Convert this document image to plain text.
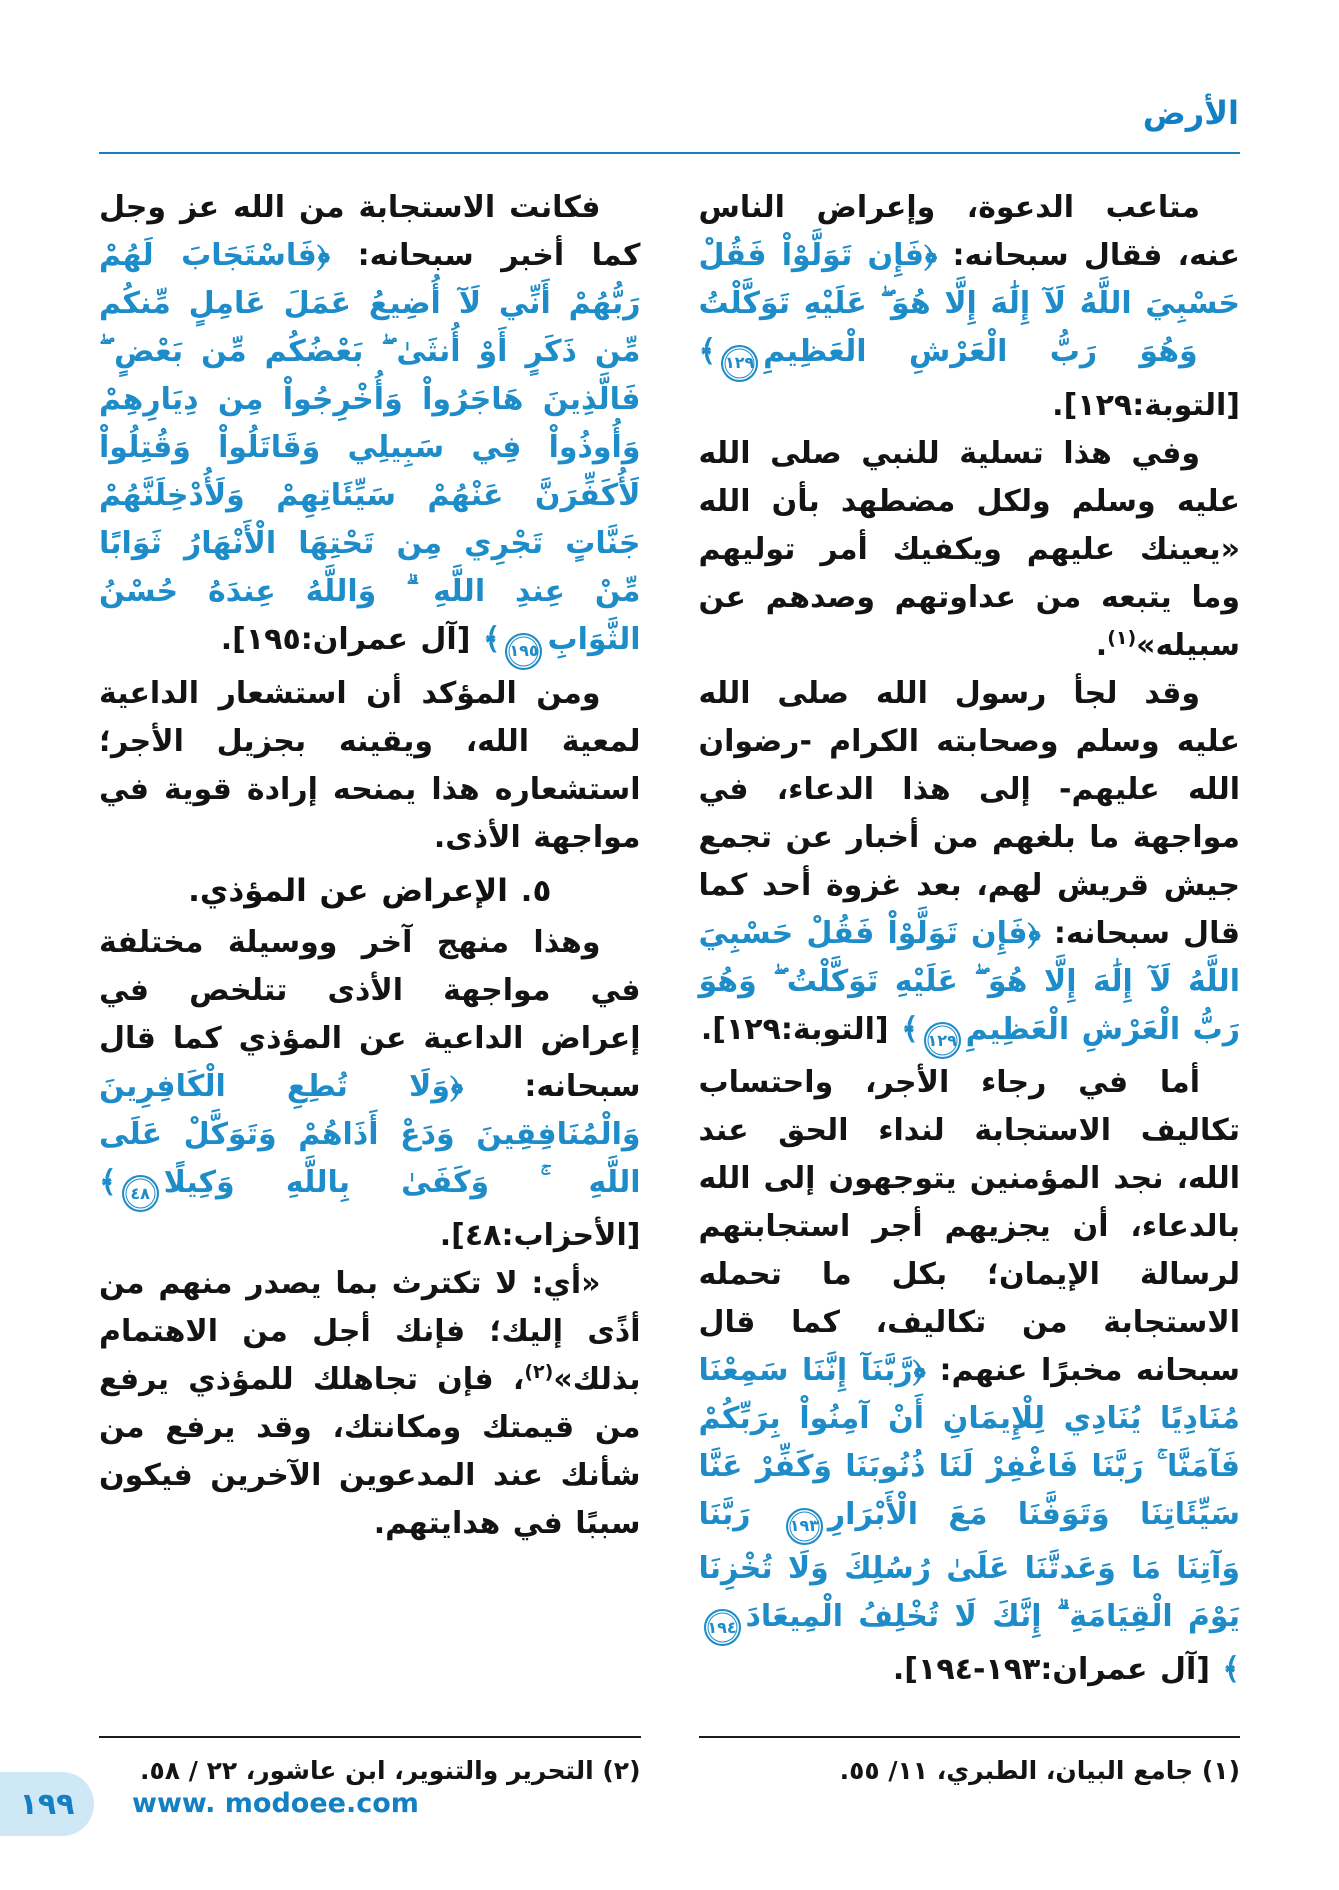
الأرض

متاعب الدعوة، وإعراض الناس عنه، فقال سبحانه: ﴿فَإِن تَوَلَّوْاْ فَقُلْ حَسْبِيَ اللَّهُ لَآ إِلَٰهَ إِلَّا هُوَ ۖ عَلَيْهِ تَوَكَّلْتُ ۖ وَهُوَ رَبُّ الْعَرْشِ الْعَظِيمِ١٢٩﴾ [التوبة:١٢٩].

وفي هذا تسلية للنبي صلى الله عليه وسلم ولكل مضطهد بأن الله «يعينك عليهم ويكفيك أمر توليهم وما يتبعه من عداوتهم وصدهم عن سبيله»$^{(١)}$.

وقد لجأ رسول الله صلى الله عليه وسلم وصحابته الكرام -رضوان الله عليهم- إلى هذا الدعاء، في مواجهة ما بلغهم من أخبار عن تجمع جيش قريش لهم، بعد غزوة أحد كما قال سبحانه: ﴿فَإِن تَوَلَّوْاْ فَقُلْ حَسْبِيَ اللَّهُ لَآ إِلَٰهَ إِلَّا هُوَ ۖ عَلَيْهِ تَوَكَّلْتُ ۖ وَهُوَ رَبُّ الْعَرْشِ الْعَظِيمِ١٢٩﴾ [التوبة:١٢٩].

أما في رجاء الأجر، واحتساب تكاليف الاستجابة لنداء الحق عند الله، نجد المؤمنين يتوجهون إلى الله بالدعاء، أن يجزيهم أجر استجابتهم لرسالة الإيمان؛ بكل ما تحمله الاستجابة من تكاليف، كما قال سبحانه مخبرًا عنهم: ﴿رَّبَّنَآ إِنَّنَا سَمِعْنَا مُنَادِيًا يُنَادِي لِلْإِيمَانِ أَنْ آمِنُواْ بِرَبِّكُمْ فَآمَنَّا ۚ رَبَّنَا فَاغْفِرْ لَنَا ذُنُوبَنَا وَكَفِّرْ عَنَّا سَيِّئَاتِنَا وَتَوَفَّنَا مَعَ الْأَبْرَارِ١٩٣ رَبَّنَا وَآتِنَا مَا وَعَدتَّنَا عَلَىٰ رُسُلِكَ وَلَا تُخْزِنَا يَوْمَ الْقِيَامَةِ ۗ إِنَّكَ لَا تُخْلِفُ الْمِيعَادَ١٩٤﴾ [آل عمران:١٩٣-١٩٤].

فكانت الاستجابة من الله عز وجل كما أخبر سبحانه: ﴿فَاسْتَجَابَ لَهُمْ رَبُّهُمْ أَنِّي لَآ أُضِيعُ عَمَلَ عَامِلٍ مِّنكُم مِّن ذَكَرٍ أَوْ أُنثَىٰ ۖ بَعْضُكُم مِّن بَعْضٍ ۖ فَالَّذِينَ هَاجَرُواْ وَأُخْرِجُواْ مِن دِيَارِهِمْ وَأُوذُواْ فِي سَبِيلِي وَقَاتَلُواْ وَقُتِلُواْ لَأُكَفِّرَنَّ عَنْهُمْ سَيِّئَاتِهِمْ وَلَأُدْخِلَنَّهُمْ جَنَّاتٍ تَجْرِي مِن تَحْتِهَا الْأَنْهَارُ ثَوَابًا مِّنْ عِندِ اللَّهِ ۗ وَاللَّهُ عِندَهُ حُسْنُ الثَّوَابِ١٩٥﴾ [آل عمران:١٩٥].

ومن المؤكد أن استشعار الداعية لمعية الله، ويقينه بجزيل الأجر؛ استشعاره هذا يمنحه إرادة قوية في مواجهة الأذى.

٥. الإعراض عن المؤذي.

وهذا منهج آخر ووسيلة مختلفة في مواجهة الأذى تتلخص في إعراض الداعية عن المؤذي كما قال سبحانه: ﴿وَلَا تُطِعِ الْكَافِرِينَ وَالْمُنَافِقِينَ وَدَعْ أَذَاهُمْ وَتَوَكَّلْ عَلَى اللَّهِ ۚ وَكَفَىٰ بِاللَّهِ وَكِيلًا٤٨﴾ [الأحزاب:٤٨].

«أي: لا تكترث بما يصدر منهم من أذًى إليك؛ فإنك أجل من الاهتمام بذلك»$^{(٢)}$، فإن تجاهلك للمؤذي يرفع من قيمتك ومكانتك، وقد يرفع من شأنك عند المدعوين الآخرين فيكون سببًا في هدايتهم.

(١) جامع البيان، الطبري، ١١/ ٥٥.
(٢) التحرير والتنوير، ابن عاشور، ٢٢ / ٥٨.
١٩٩ www. modoee.com
